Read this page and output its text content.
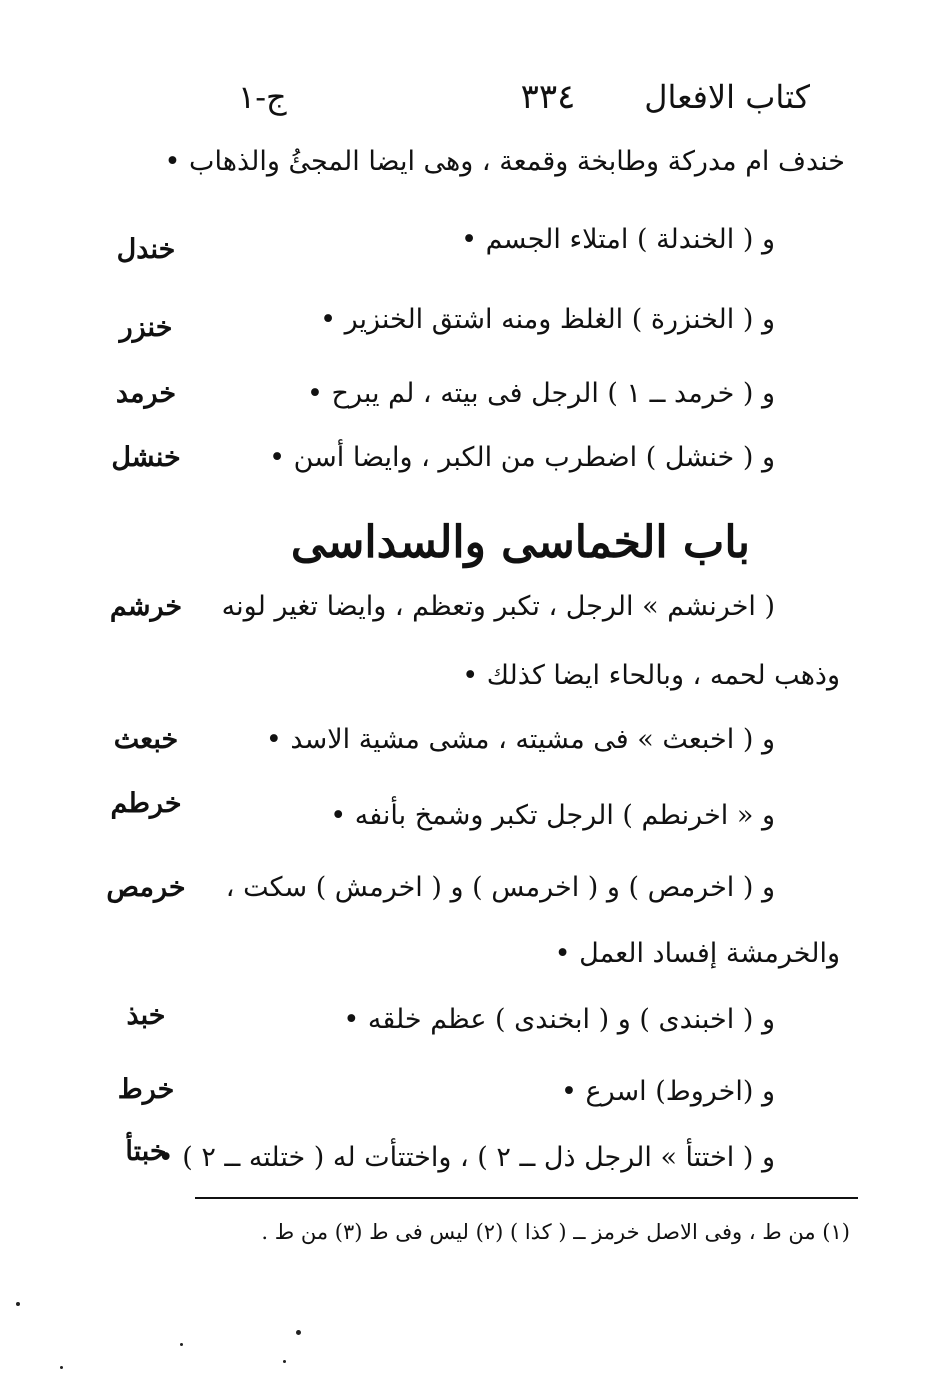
كتاب الافعال
٣٣٤
ج-١
خندف ام مدركة وطابخة وقمعة ، وهى ايضا المجئُ والذهاب •
و ( الخندلة ) امتلاء الجسم •
خندل
و ( الخنزرة ) الغلظ ومنه اشتق الخنزير •
خنزر
و ( خرمد ــ ١ ) الرجل فى بيته ، لم يبرح •
خرمد
و ( خنشل ) اضطرب من الكبر ، وايضا أسن •
خنشل
باب الخماسى والسداسى
( اخرنشم » الرجل ، تكبر وتعظم ، وايضا تغير لونه
خرشم
وذهب لحمه ، وبالحاء ايضا كذلك •
و ( اخبعث » فى مشيته ، مشى مشية الاسد •
خبعث
و « اخرنطم ) الرجل تكبر وشمخ بأنفه •
خرطم
و ( اخرمص ) و ( اخرمس ) و ( اخرمش ) سكت ،
خرمص
والخرمشة إفساد العمل •
و ( اخبندى ) و ( ابخندى ) عظم خلقه •
خبذ
و (اخروط) اسرع •
خرط
و ( اختتأ » الرجل ذل ــ ٢ ) ، واختتأت له ( ختلته ــ ٢ ) •
خبتأ
(١) من ط ، وفى الاصل خرمز ــ ( كذا ) (٢) ليس فى ط (٣) من ط .
